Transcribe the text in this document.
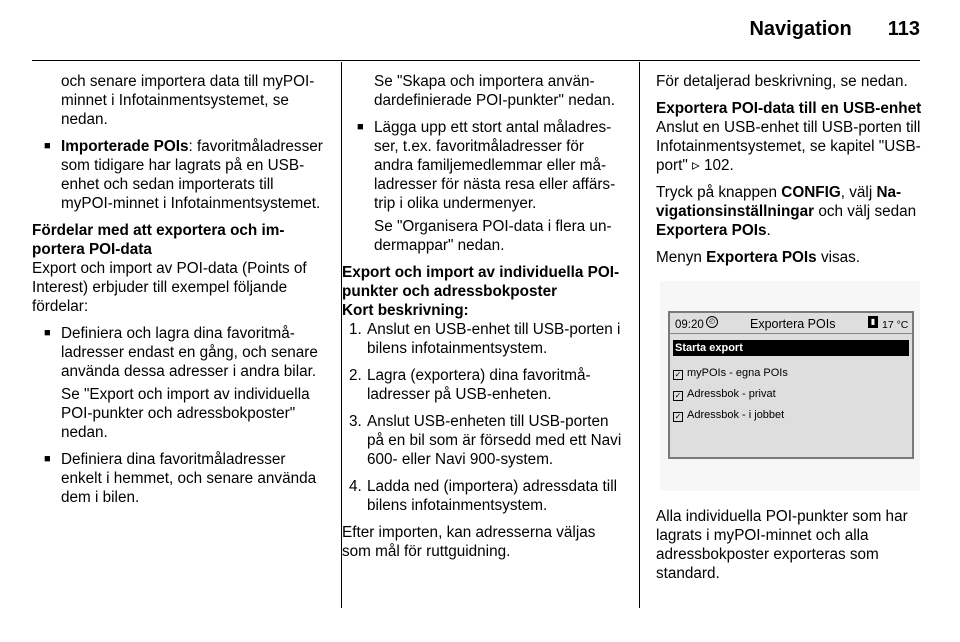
Navigation 113
och senare importera data till myPOI-minnet i Infotainmentsystemet, se nedan.
■ Importerade POIs: favoritmåladresser som tidigare har lagrats på en USB-enhet och sedan importerats till myPOI-minnet i Infotainmentsystemet.
Fördelar med att exportera och importera POI-data
Export och import av POI-data (Points of Interest) erbjuder till exempel följande fördelar:
■ Definiera och lagra dina favoritmåladresser endast en gång, och senare använda dessa adresser i andra bilar.
Se "Export och import av individuella POI-punkter och adressbokposter" nedan.
■ Definiera dina favoritmåladresser enkelt i hemmet, och senare använda dem i bilen.
Se "Skapa och importera användardefinierade POI-punkter" nedan.
■ Lägga upp ett stort antal måladresser, t.ex. favoritmåladresser för andra familjemedlemmar eller måladresser för nästa resa eller affärstrip i olika undermenyer.
Se "Organisera POI-data i flera undermappar" nedan.
Export och import av individuella POI-punkter och adressbokposter
Kort beskrivning:
1. Anslut en USB-enhet till USB-porten i bilens infotainmentsystem.
2. Lagra (exportera) dina favoritmåladresser på USB-enheten.
3. Anslut USB-enheten till USB-porten på en bil som är försedd med ett Navi 600- eller Navi 900-system.
4. Ladda ned (importera) adressdata till bilens infotainmentsystem.
Efter importen, kan adresserna väljas som mål för ruttguidning.
För detaljerad beskrivning, se nedan.
Exportera POI-data till en USB-enhet
Anslut en USB-enhet till USB-porten till Infotainmentsystemet, se kapitel "USB-port" ▹ 102.
Tryck på knappen CONFIG, välj Navigationsinställningar och välj sedan Exportera POIs.
Menyn Exportera POIs visas.
09:20 ◴	Exportera POIs	▮ 17 °C
Starta export
✓ myPOIs - egna POIs
✓ Adressbok - privat
✓ Adressbok - i jobbet
Alla individuella POI-punkter som har lagrats i myPOI-minnet och alla adressbokposter exporteras som standard.
